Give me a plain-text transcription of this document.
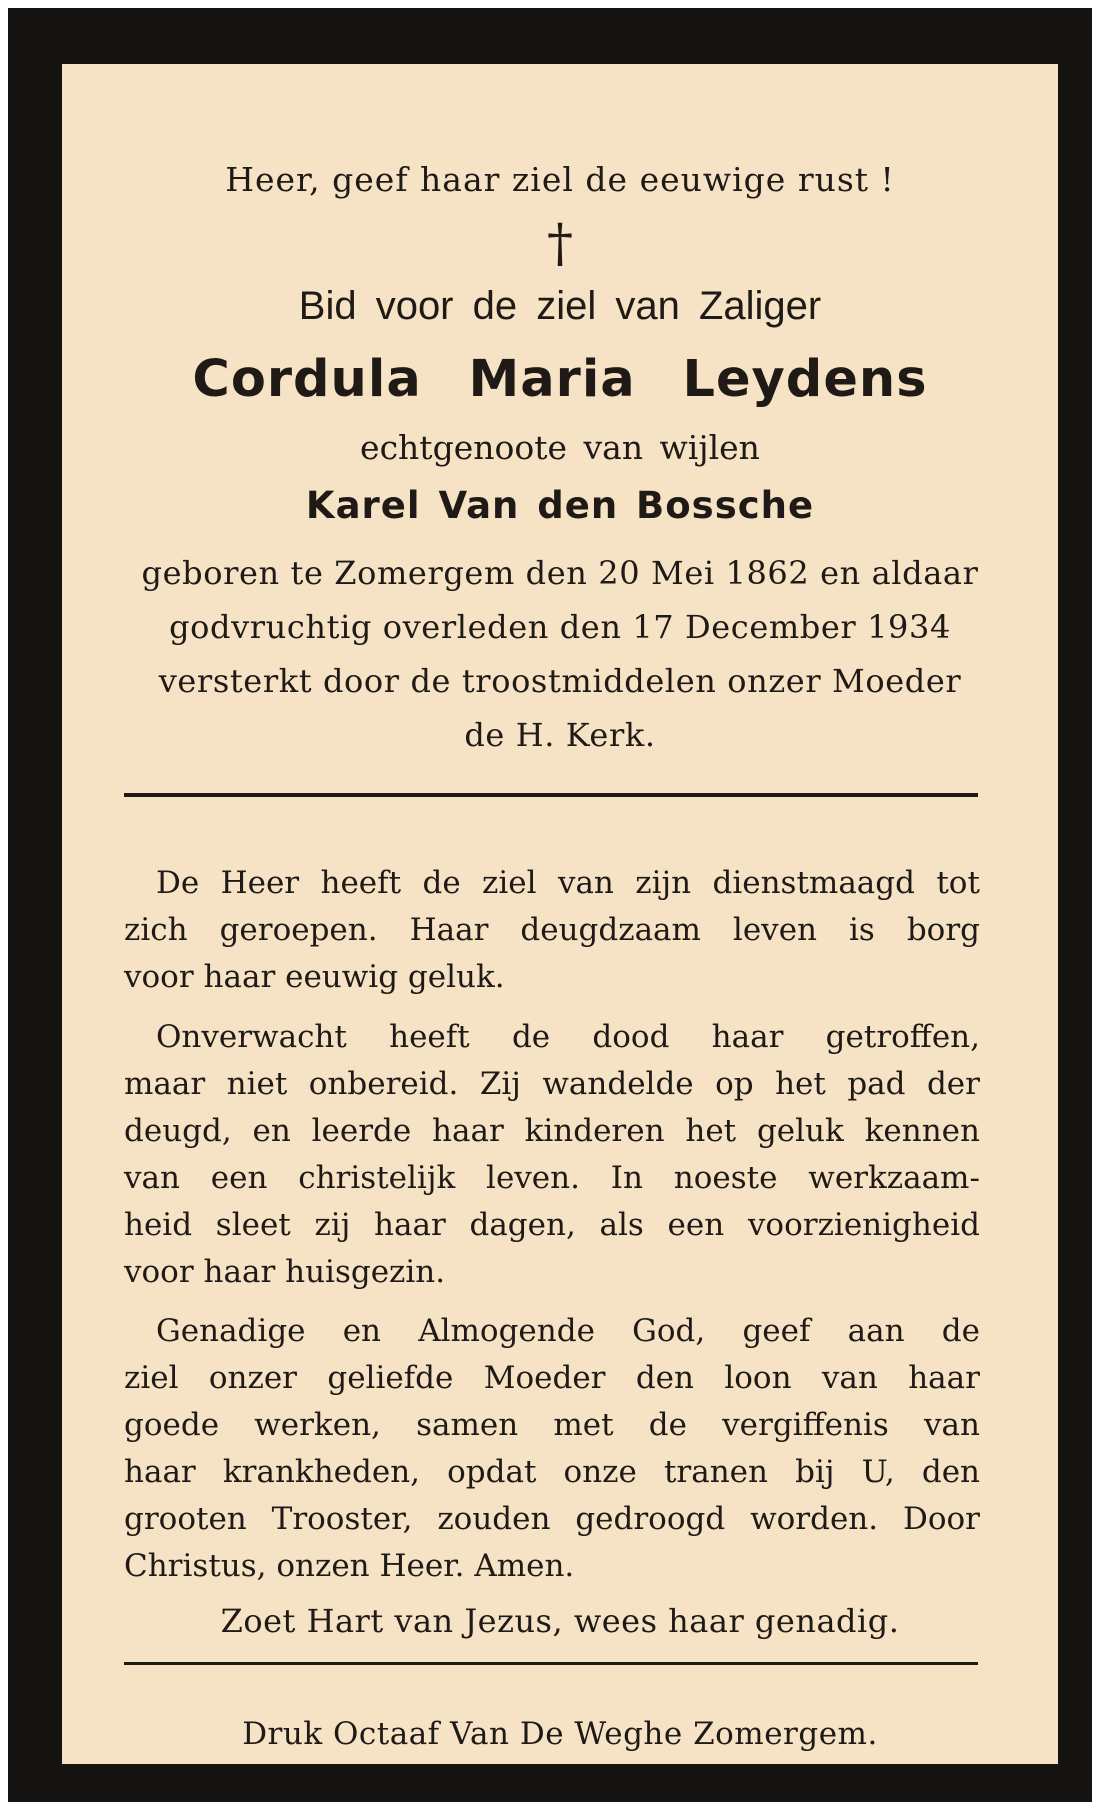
Heer, geef haar ziel de eeuwige rust !
†
Bid voor de ziel van Zaliger
Cordula Maria Leydens
echtgenoote van wijlen
Karel Van den Bossche
geboren te Zomergem den 20 Mei 1862 en aldaar
godvruchtig overleden den 17 December 1934
versterkt door de troostmiddelen onzer Moeder
de H. Kerk.
De Heer heeft de ziel van zijn dienstmaagd tot
zich geroepen. Haar deugdzaam leven is borg
voor haar eeuwig geluk.
Onverwacht heeft de dood haar getroffen,
maar niet onbereid. Zij wandelde op het pad der
deugd, en leerde haar kinderen het geluk kennen
van een christelijk leven. In noeste werkzaam-
heid sleet zij haar dagen, als een voorzienigheid
voor haar huisgezin.
Genadige en Almogende God, geef aan de
ziel onzer geliefde Moeder den loon van haar
goede werken, samen met de vergiffenis van
haar krankheden, opdat onze tranen bij U, den
grooten Trooster, zouden gedroogd worden. Door
Christus, onzen Heer. Amen.
Zoet Hart van Jezus, wees haar genadig.
Druk Octaaf Van De Weghe Zomergem.
